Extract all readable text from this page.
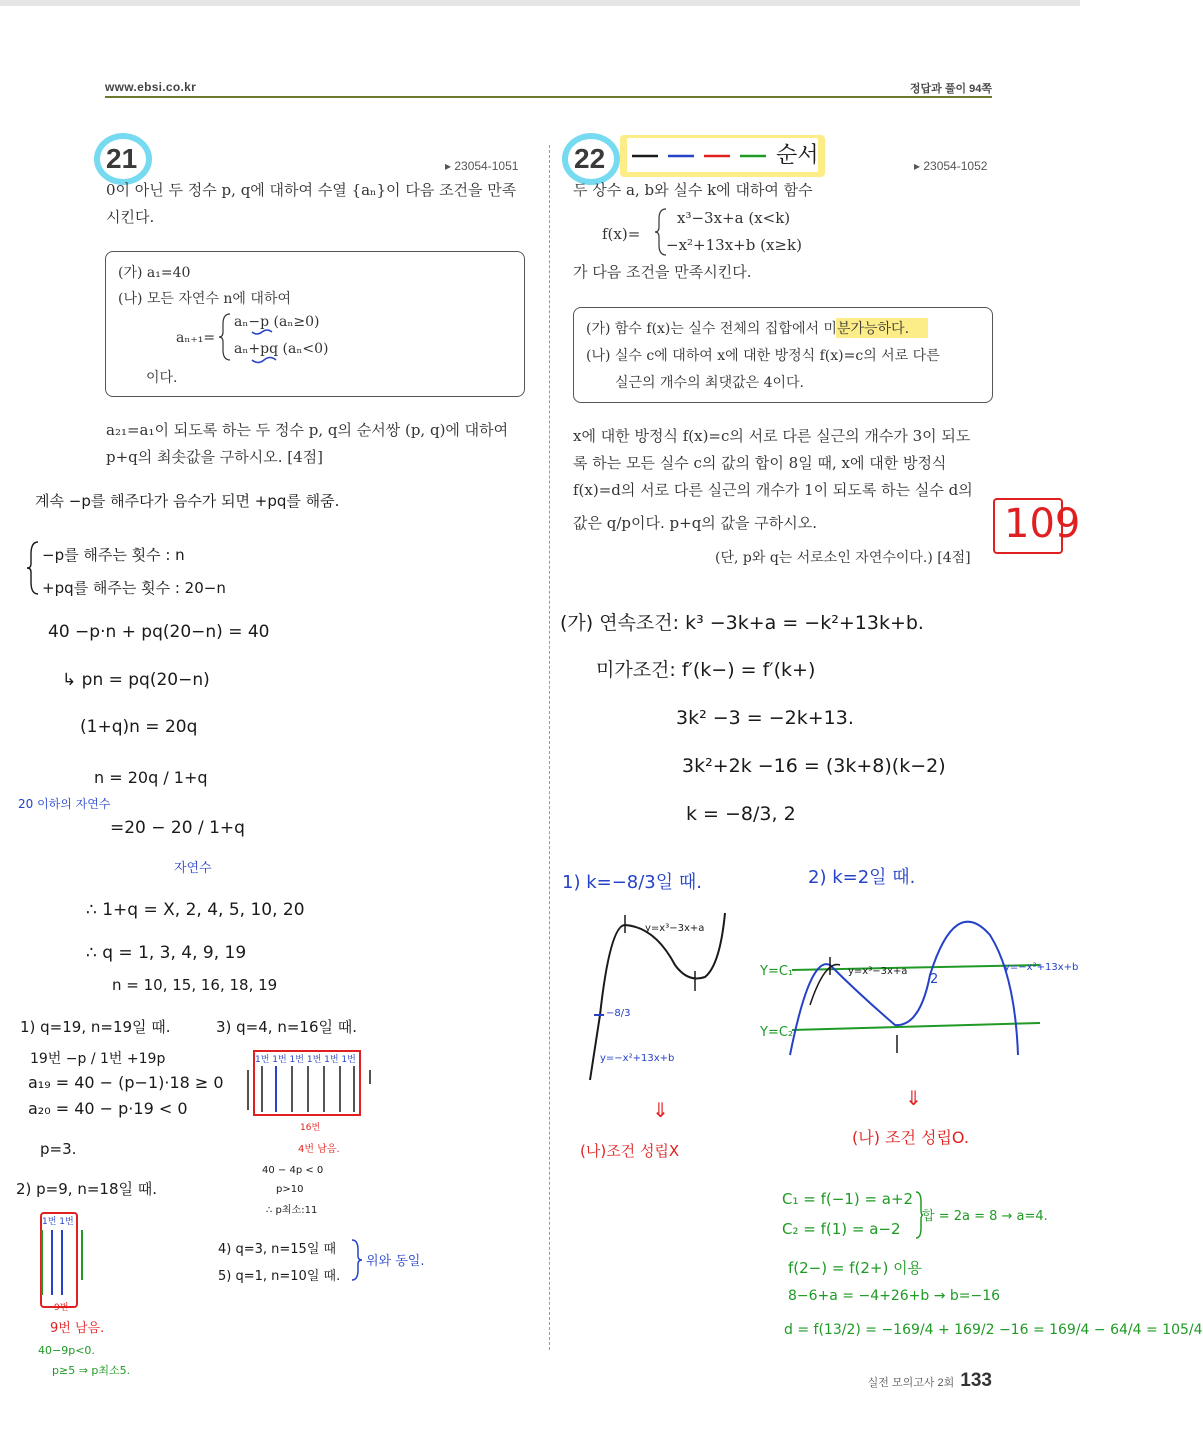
www.ebsi.co.kr	정답과 풀이 94쪽
21	▸ 23054-1051
0이 아닌 두 정수 p, q에 대하여 수열 {aₙ}이 다음 조건을 만족
시킨다.
(가) a₁=40
(나) 모든 자연수 n에 대하여
aₙ₊₁=
aₙ−p (aₙ≥0)
aₙ+pq (aₙ<0)
이다.
a₂₁=a₁이 되도록 하는 두 정수 p, q의 순서쌍 (p, q)에 대하여
p+q의 최솟값을 구하시오. [4점]
계속 −p를 해주다가 음수가 되면 +pq를 해줌.
−p를 해주는 횟수 : n
+pq를 해주는 횟수 : 20−n
40 −p·n + pq(20−n) = 40
↳ pn = pq(20−n)
(1+q)n = 20q
n = 20q / 1+q
20 이하의 자연수
=20 − 20 / 1+q
자연수
∴ 1+q = X, 2, 4, 5, 10, 20
∴ q = 1, 3, 4, 9, 19
n = 10, 15, 16, 18, 19
1) q=19, n=19일 때.
19번 −p / 1번 +19p
a₁₉ = 40 − (p−1)·18 ≥ 0
a₂₀ = 40 − p·19 < 0
p=3.
2) p=9, n=18일 때.
1번 1번
9번
9번 남음.
40−9p<0.
p≥5 ⇒ p최소5.
3) q=4, n=16일 때.
1번 1번 1번 1번 1번 1번
16번
4번 남음.
40 − 4p < 0
p>10
∴ p최소:11
4) q=3, n=15일 때
5) q=1, n=10일 때.
위와 동일.
22	순서	▸ 23054-1052
두 상수 a, b와 실수 k에 대하여 함수
f(x)=
x³−3x+a (x<k)
−x²+13x+b (x≥k)
가 다음 조건을 만족시킨다.
(가) 함수 f(x)는 실수 전체의 집합에서 미분가능하다.
(나) 실수 c에 대하여 x에 대한 방정식 f(x)=c의 서로 다른
실근의 개수의 최댓값은 4이다.
x에 대한 방정식 f(x)=c의 서로 다른 실근의 개수가 3이 되도
록 하는 모든 실수 c의 값의 합이 8일 때, x에 대한 방정식
f(x)=d의 서로 다른 실근의 개수가 1이 되도록 하는 실수 d의
값은 q/p이다. p+q의 값을 구하시오.
(단, p와 q는 서로소인 자연수이다.) [4점]
109
(가) 연속조건: k³ −3k+a = −k²+13k+b.
미가조건: f′(k−) = f′(k+)
3k² −3 = −2k+13.
3k²+2k −16 = (3k+8)(k−2)
k = −8/3, 2
1) k=−8/3일 때.	2) k=2일 때.
y=x³−3x+a
y=−x²+13x+b
−8/3
⇓
(나)조건 성립X
Y=C₁
Y=C₂
y=x³−3x+a	y=−x²+13x+b
2
⇓
(나) 조건 성립O.
C₁ = f(−1) = a+2
C₂ = f(1) = a−2
합 = 2a = 8 → a=4.
f(2−) = f(2+) 이용
8−6+a = −4+26+b → b=−16
d = f(13/2) = −169/4 + 169/2 −16 = 169/4 − 64/4 = 105/4
실전 모의고사 2회 133
